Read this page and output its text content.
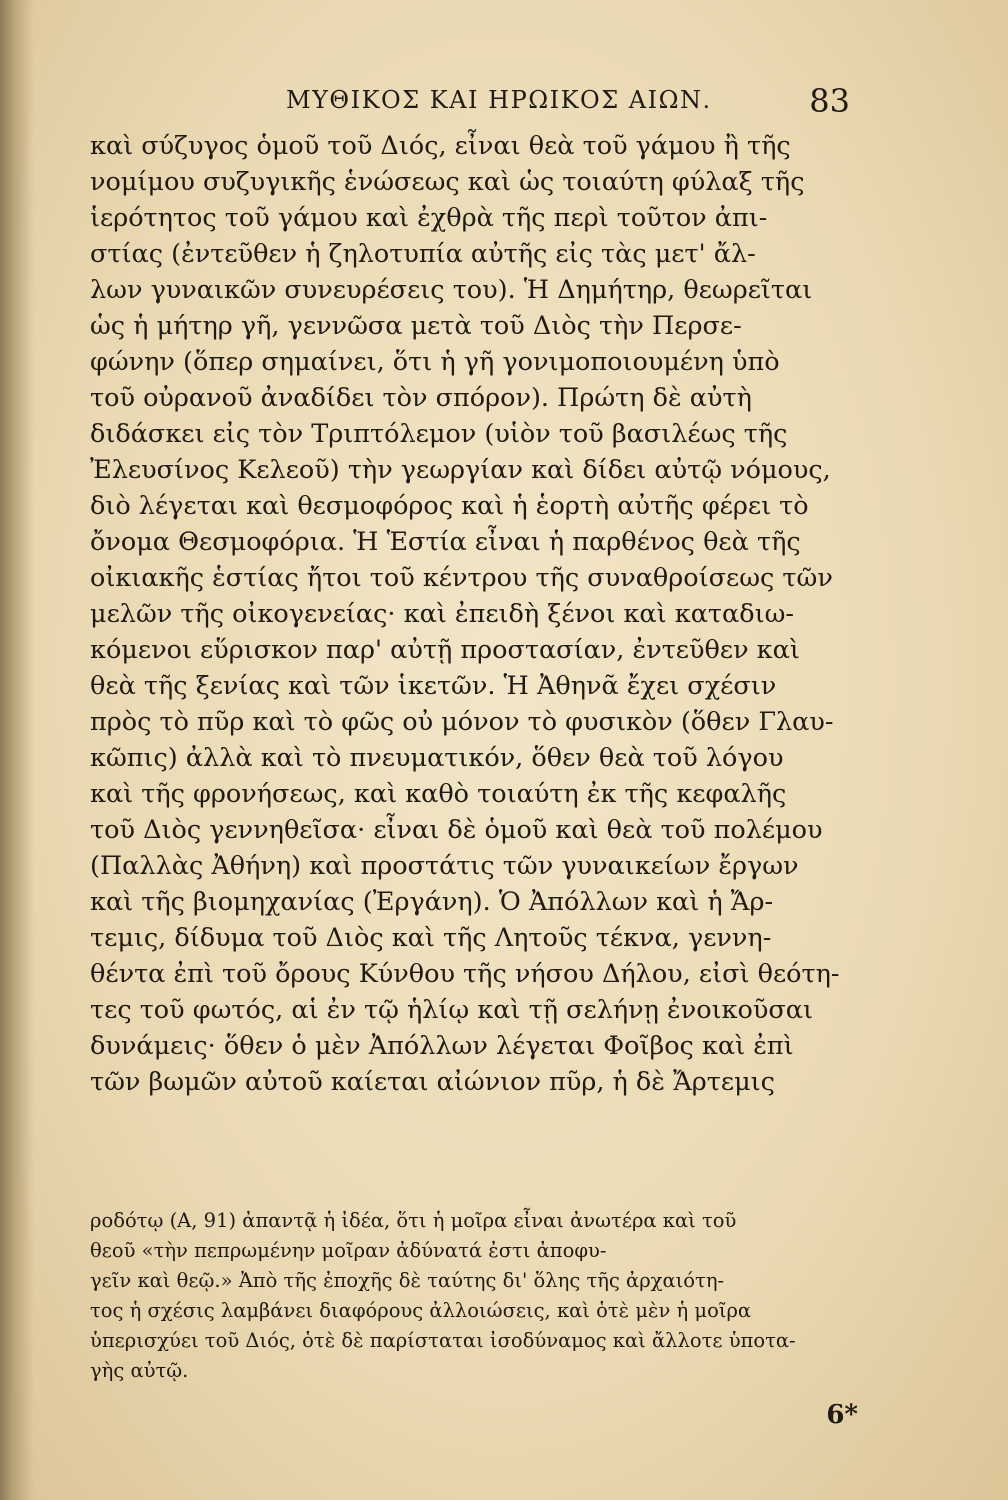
ΜΥΘΙΚΟΣ ΚΑΙ ΗΡΩΙΚΟΣ ΑΙΩΝ.	83
καὶ σύζυγος ὁμοῦ τοῦ Διός, εἶναι θεὰ τοῦ γάμου ἢ τῆς
νομίμου συζυγικῆς ἑνώσεως καὶ ὡς τοιαύτη φύλαξ τῆς
ἱερότητος τοῦ γάμου καὶ ἐχθρὰ τῆς περὶ τοῦτον ἀπι-
στίας (ἐντεῦθεν ἡ ζηλοτυπία αὐτῆς εἰς τὰς μετ' ἄλ-
λων γυναικῶν συνευρέσεις του). Ἡ Δημήτηρ, θεωρεῖται
ὡς ἡ μήτηρ γῆ, γεννῶσα μετὰ τοῦ Διὸς τὴν Περσε-
φώνην (ὅπερ σημαίνει, ὅτι ἡ γῆ γονιμοποιουμένη ὑπὸ
τοῦ οὐρανοῦ ἀναδίδει τὸν σπόρον). Πρώτη δὲ αὐτὴ
διδάσκει εἰς τὸν Τριπτόλεμον (υἱὸν τοῦ βασιλέως τῆς
Ἐλευσίνος Κελεοῦ) τὴν γεωργίαν καὶ δίδει αὐτῷ νόμους,
διὸ λέγεται καὶ θεσμοφόρος καὶ ἡ ἑορτὴ αὐτῆς φέρει τὸ
ὄνομα Θεσμοφόρια. Ἡ Ἑστία εἶναι ἡ παρθένος θεὰ τῆς
οἰκιακῆς ἑστίας ἤτοι τοῦ κέντρου τῆς συναθροίσεως τῶν
μελῶν τῆς οἰκογενείας· καὶ ἐπειδὴ ξένοι καὶ καταδιω-
κόμενοι εὕρισκον παρ' αὐτῇ προστασίαν, ἐντεῦθεν καὶ
θεὰ τῆς ξενίας καὶ τῶν ἱκετῶν. Ἡ Ἀθηνᾶ ἔχει σχέσιν
πρὸς τὸ πῦρ καὶ τὸ φῶς οὐ μόνον τὸ φυσικὸν (ὅθεν Γλαυ-
κῶπις) ἀλλὰ καὶ τὸ πνευματικόν, ὅθεν θεὰ τοῦ λόγου
καὶ τῆς φρονήσεως, καὶ καθὸ τοιαύτη ἐκ τῆς κεφαλῆς
τοῦ Διὸς γεννηθεῖσα· εἶναι δὲ ὁμοῦ καὶ θεὰ τοῦ πολέμου
(Παλλὰς Ἀθήνη) καὶ προστάτις τῶν γυναικείων ἔργων
καὶ τῆς βιομηχανίας (Ἐργάνη). Ὁ Ἀπόλλων καὶ ἡ Ἄρ-
τεμις, δίδυμα τοῦ Διὸς καὶ τῆς Λητοῦς τέκνα, γεννη-
θέντα ἐπὶ τοῦ ὄρους Κύνθου τῆς νήσου Δήλου, εἰσὶ θεότη-
τες τοῦ φωτός, αἱ ἐν τῷ ἡλίῳ καὶ τῇ σελήνῃ ἐνοικοῦσαι
δυνάμεις· ὅθεν ὁ μὲν Ἀπόλλων λέγεται Φοῖβος καὶ ἐπὶ
τῶν βωμῶν αὐτοῦ καίεται αἰώνιον πῦρ, ἡ δὲ Ἄρτεμις
ροδότῳ (Α, 91) ἀπαντᾷ ἡ ἰδέα, ὅτι ἡ μοῖρα εἶναι ἀνωτέρα καὶ τοῦ
θεοῦ «τὴν πεπρωμένην μοῖραν ἀδύνατά ἐστι ἀποφυ-
γεῖν καὶ θεῷ.» Ἀπὸ τῆς ἐποχῆς δὲ ταύτης δι' ὅλης τῆς ἀρχαιότη-
τος ἡ σχέσις λαμβάνει διαφόρους ἀλλοιώσεις, καὶ ὁτὲ μὲν ἡ μοῖρα
ὑπερισχύει τοῦ Διός, ὁτὲ δὲ παρίσταται ἰσοδύναμος καὶ ἄλλοτε ὑποτα-
γὴς αὐτῷ.
6*
